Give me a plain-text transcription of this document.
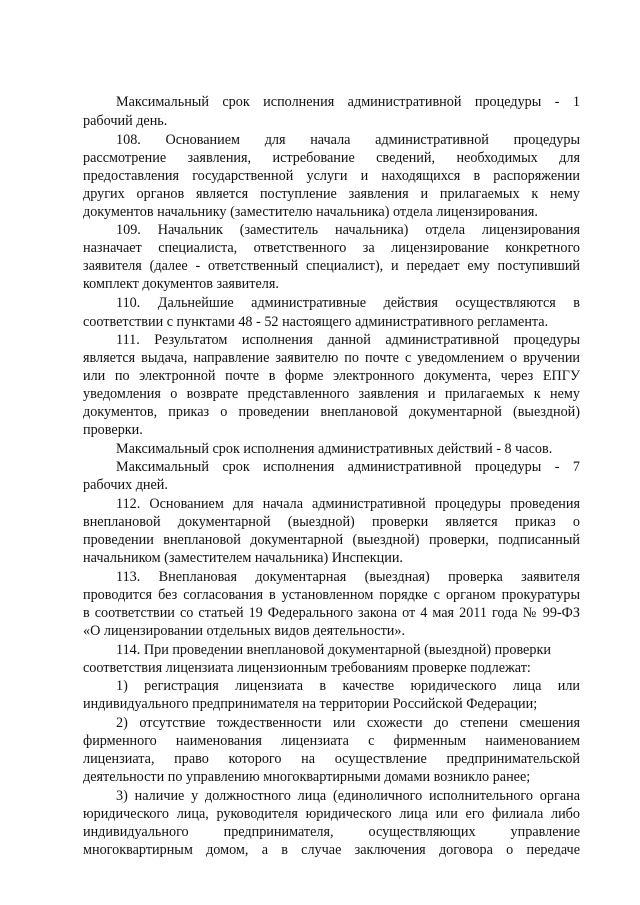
Максимальный срок исполнения административной процедуры - 1
рабочий день.
108. Основанием для начала административной процедуры
рассмотрение заявления, истребование сведений, необходимых для
предоставления государственной услуги и находящихся в распоряжении
других органов является поступление заявления и прилагаемых к нему
документов начальнику (заместителю начальника) отдела лицензирования.
109. Начальник (заместитель начальника) отдела лицензирования
назначает специалиста, ответственного за лицензирование конкретного
заявителя (далее - ответственный специалист), и передает ему поступивший
комплект документов заявителя.
110. Дальнейшие административные действия осуществляются в
соответствии с пунктами 48 - 52 настоящего административного регламента.
111. Результатом исполнения данной административной процедуры
является выдача, направление заявителю по почте с уведомлением о вручении
или по электронной почте в форме электронного документа, через ЕПГУ
уведомления о возврате представленного заявления и прилагаемых к нему
документов, приказ о проведении внеплановой документарной (выездной)
проверки.
Максимальный срок исполнения административных действий - 8 часов.
Максимальный срок исполнения административной процедуры - 7
рабочих дней.
112. Основанием для начала административной процедуры проведения
внеплановой документарной (выездной) проверки является приказ о
проведении внеплановой документарной (выездной) проверки, подписанный
начальником (заместителем начальника) Инспекции.
113. Внеплановая документарная (выездная) проверка заявителя
проводится без согласования в установленном порядке с органом прокуратуры
в соответствии со статьей 19 Федерального закона от 4 мая 2011 года № 99-ФЗ
«О лицензировании отдельных видов деятельности».
114. При проведении внеплановой документарной (выездной) проверки
соответствия лицензиата лицензионным требованиям проверке подлежат:
1) регистрация лицензиата в качестве юридического лица или
индивидуального предпринимателя на территории Российской Федерации;
2) отсутствие тождественности или схожести до степени смешения
фирменного наименования лицензиата с фирменным наименованием
лицензиата, право которого на осуществление предпринимательской
деятельности по управлению многоквартирными домами возникло ранее;
3) наличие у должностного лица (единоличного исполнительного органа
юридического лица, руководителя юридического лица или его филиала либо
индивидуального предпринимателя, осуществляющих управление
многоквартирным домом, а в случае заключения договора о передаче
